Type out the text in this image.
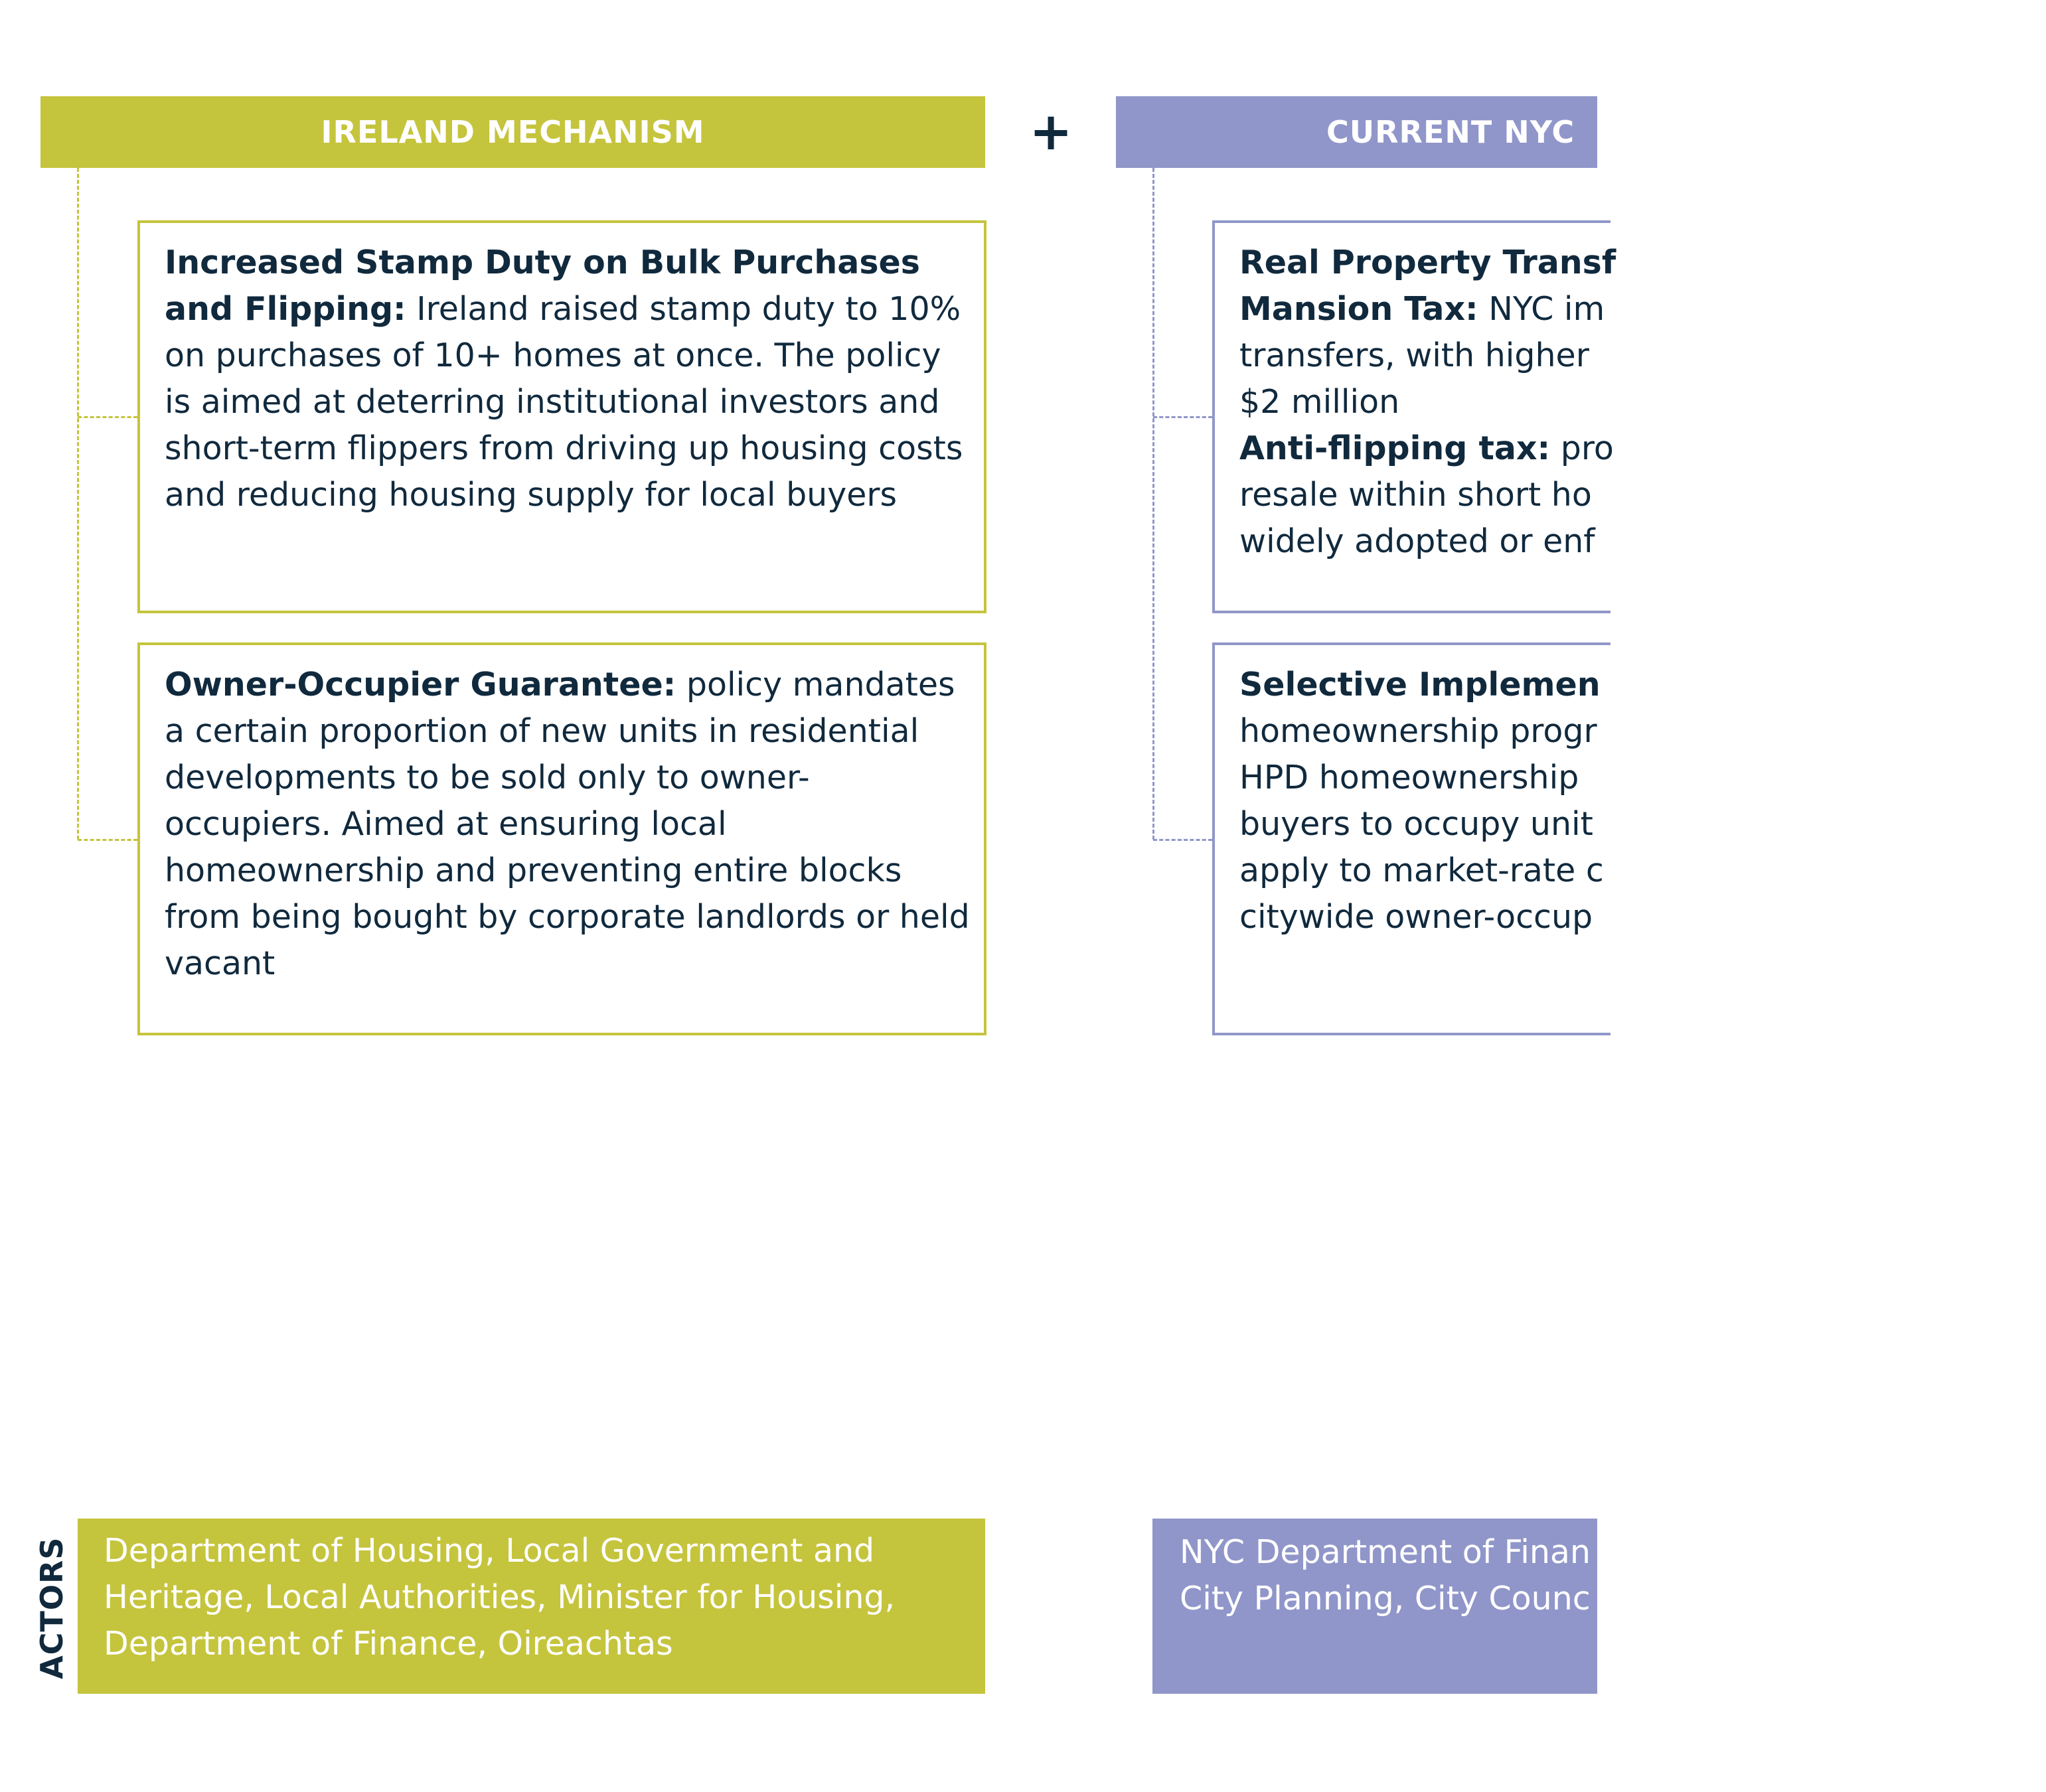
IRELAND MECHANISM	+	CURRENT NYC
Increased Stamp Duty on Bulk Purchases and Flipping: Ireland raised stamp duty to 10% on purchases of 10+ homes at once. The policy is aimed at deterring institutional investors and short-term flippers from driving up housing costs and reducing housing supply for local buyers
Owner-Occupier Guarantee: policy mandates a certain proportion of new units in residential developments to be sold only to owner-occupiers. Aimed at ensuring local homeownership and preventing entire blocks from being bought by corporate landlords or held vacant
Real Property Transf
Mansion Tax: NYC im
transfers, with higher
$2 million
Anti-flipping tax: pro
resale within short ho
widely adopted or enf
Selective Implemen
homeownership progr
HPD homeownership
buyers to occupy unit
apply to market-rate c
citywide owner-occup
ACTORS	Department of Housing, Local Government and Heritage, Local Authorities, Minister for Housing, Department of Finance, Oireachtas
NYC Department of Finan
City Planning, City Counc
